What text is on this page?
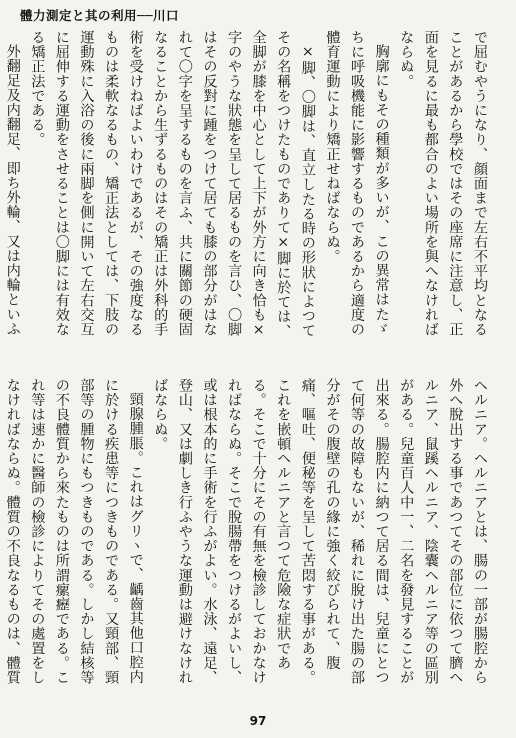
體力測定と其の利用──川口

で屈むやうになり、顔面まで左右不平均となることがあるから學校ではその座席に注意し、正面を見るに最も都合のよい場所を與へなければならぬ。

胸廓にもその種類が多いが、この異常はたゞちに呼吸機能に影響するものであるから適度の體育運動により矯正せねばならぬ。

×脚、〇脚は、直立したる時の形狀によつてその名稱をつけたものでありて×脚に於ては、全脚が膝を中心として上下が外方に向き恰も×字のやうな狀態を呈して居るものを言ひ、〇脚はその反對に踵をつけて居ても膝の部分がはなれて〇字を呈するものを言ふ、共に關節の硬固なることから生ずるものはその矯正は外科的手術を受けねばよいわけであるが、その強度なるものは柔軟なるもの、矯正法としては、下肢の運動殊に入浴の後に兩脚を側に開いて左右交互に屈伸する運動をさせることは〇脚には有效なる矯正法である。

外翻足及内翻足、即ち外輪、又は内輪といふ

ヘルニア。ヘルニアとは、腸の一部が腸腔から外へ脫出する事であつてその部位に依つて臍ヘルニア、鼠蹊ヘルニア、陰囊ヘルニア等の區別がある。兒童百人中一、二名を發見することが出來る。腸腔内に納つて居る間は、兒童にとつて何等の故障もないが、稀れに脫け出た腸の部分がその腹壁の孔の緣に強く絞びられて、腹痛、嘔吐、便秘等を呈して苦悶する事がある。これを嵌頓ヘルニアと言つて危險な症狀である。そこで十分にその有無を檢診しておかなければならぬ。そこで脫腸帶をつけるがよいし、或は根本的に手術を行ふがよい。水泳、遠足、登山、又は劇しき行ふやうな運動は避けなければならぬ。

頸腺腫脹。これはグリヽで、齲齒其他口腔内に於ける疾患等につきものである。又頸部、頸部等の腫物にもつきものである。しかし結核等の不良體質から來たものは所謂瘰癧である。これ等は速かに醫師の檢診によりてその處置をしなければならぬ。體質の不良なるものは、體質

97
